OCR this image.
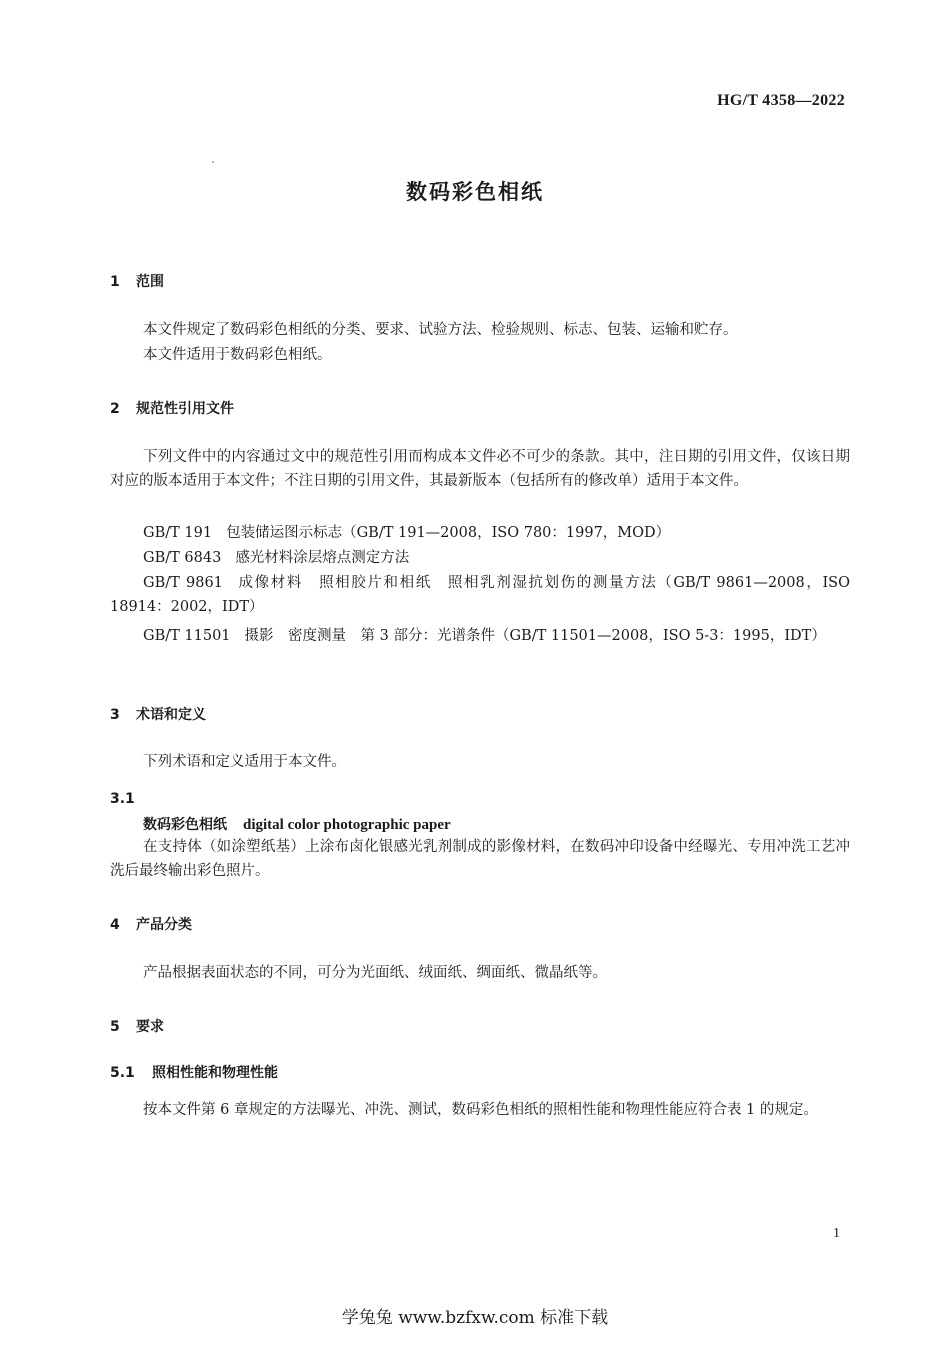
HG/T 4358—2022
数码彩色相纸
1 范围
本文件规定了数码彩色相纸的分类、要求、试验方法、检验规则、标志、包装、运输和贮存。
本文件适用于数码彩色相纸。
2 规范性引用文件
下列文件中的内容通过文中的规范性引用而构成本文件必不可少的条款。其中，注日期的引用文件，仅该日期对应的版本适用于本文件；不注日期的引用文件，其最新版本（包括所有的修改单）适用于本文件。
GB/T 191 包装储运图示标志（GB/T 191—2008，ISO 780：1997，MOD）
GB/T 6843 感光材料涂层熔点测定方法
GB/T 9861 成像材料　照相胶片和相纸　照相乳剂湿抗划伤的测量方法（GB/T 9861—2008，ISO 18914：2002，IDT）
GB/T 11501 摄影　密度测量　第 3 部分：光谱条件（GB/T 11501—2008，ISO 5-3：1995，IDT）
3 术语和定义
下列术语和定义适用于本文件。
3.1
数码彩色相纸 digital color photographic paper
在支持体（如涂塑纸基）上涂布卤化银感光乳剂制成的影像材料，在数码冲印设备中经曝光、专用冲洗工艺冲洗后最终输出彩色照片。
4 产品分类
产品根据表面状态的不同，可分为光面纸、绒面纸、绸面纸、微晶纸等。
5 要求
5.1 照相性能和物理性能
按本文件第 6 章规定的方法曝光、冲洗、测试，数码彩色相纸的照相性能和物理性能应符合表 1 的规定。
1
学兔兔 www.bzfxw.com 标准下载
